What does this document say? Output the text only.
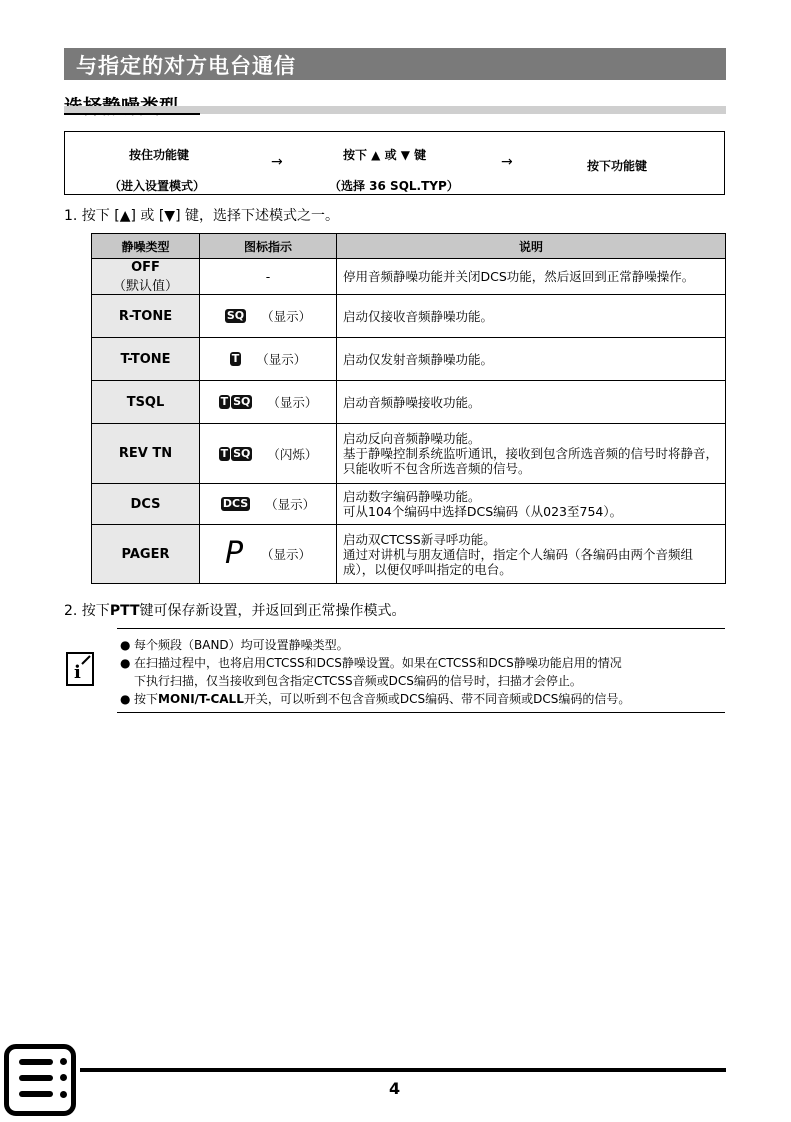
与指定的对方电台通信
按住功能键
（进入设置模式）
→	按下 ▲ 或 ▼ 键
（选择 36 SQL.TYP）
→	按下功能键
1. 按下 [▲] 或 [▼] 键，选择下述模式之一。
静噪类型	图标指示	说明

OFF
（默认值）	-	停用音频静噪功能并关闭DCS功能，然后返回到正常静噪操作。

R-TONE	SQ （显示）	启动仅接收音频静噪功能。

T-TONE	T （显示）	启动仅发射音频静噪功能。

TSQL	T SQ （显示）	启动音频静噪接收功能。

REV TN	T SQ （闪烁）	启动反向音频静噪功能。
基于静噪控制系统监听通讯，接收到包含所选音频的信号时将静音，只能收听不包含所选音频的信号。

DCS	DCS （显示）	启动数字编码静噪功能。
可从104个编码中选择DCS编码（从023至754）。

PAGER	P （显示）	启动双CTCSS新寻呼功能。
通过对讲机与朋友通信时，指定个人编码（各编码由两个音频组成），以便仅呼叫指定的电台。
2. 按下PTT键可保存新设置，并返回到正常操作模式。
i
● 每个频段（BAND）均可设置静噪类型。
● 在扫描过程中，也将启用CTCSS和DCS静噪设置。如果在CTCSS和DCS静噪功能启用的情况
下执行扫描，仅当接收到包含指定CTCSS音频或DCS编码的信号时，扫描才会停止。
● 按下MONI/T-CALL开关，可以听到不包含音频或DCS编码、带不同音频或DCS编码的信号。
4
